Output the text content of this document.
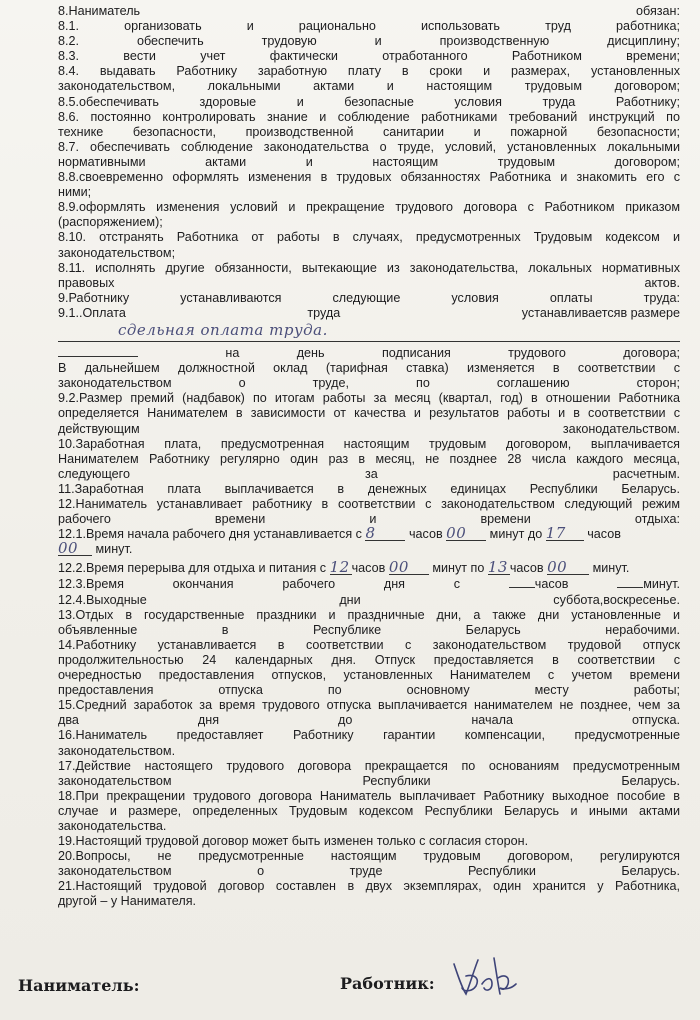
8.Наниматель	обязан:

8.1. организовать и рационально использовать труд работника;

8.2. обеспечить трудовую и производственную дисциплину;

8.3. вести учет фактически отработанного Работником времени;

8.4. выдавать Работнику заработную плату в сроки и размерах, установленных

законодательством, локальными актами и настоящим трудовым договором;

8.5.обеспечивать здоровые и безопасные условия труда Работнику;

8.6. постоянно контролировать знание и соблюдение работниками требований инструкций по

технике безопасности, производственной санитарии и пожарной безопасности;

8.7. обеспечивать соблюдение законодательства о труде, условий, установленных локальными

нормативными актами и настоящим трудовым договором;

8.8.своевременно оформлять изменения в трудовых обязанностях Работника и знакомить его с

ними;

8.9.оформлять изменения условий и прекращение трудового договора с Работником приказом

(распоряжением);

8.10. отстранять Работника от работы в случаях, предусмотренных Трудовым кодексом и

законодательством;

8.11. исполнять другие обязанности, вытекающие из законодательства, локальных нормативных

актов.

правовых

9.Работнику устанавливаются следующие условия оплаты труда:

9.1..Оплата труда устанавливается в размере

сдельная оплата труда.

на день подписания трудового договора;

В дальнейшем должностной оклад (тарифная ставка) изменяется в соответствии с

законодательством о труде, по соглашению сторон;

9.2.Размер премий (надбавок) по итогам работы за месяц (квартал, год) в отношении Работника

определяется Нанимателем в зависимости от качества и результатов работы и в соответствии с

действующим законодательством.

10.Заработная плата, предусмотренная настоящим трудовым договором, выплачивается

Нанимателем Работнику регулярно один раз в месяц, не позднее 28 числа каждого месяца,

следующего за расчетным.

11.Заработная плата выплачивается в денежных единицах Республики Беларусь.

12.Наниматель устанавливает работнику в соответствии с законодательством следующий режим

рабочего времени и времени отдыха:

12.1.Время начала рабочего дня устанавливается с 8	часов 00 минут до 17 часов

00 минут.

12.2.Время перерыва для отдыха и питания с 12 часов 00 минут по 13 часов 00 минут.

12.3.Время окончания рабочего дня с	часов	минут.

12.4.Выходные дни суббота, воскресенье.

13.Отдых в государственные праздники и праздничные дни, а также дни установленные и

объявленные в Республике Беларусь нерабочими.

14.Работнику устанавливается в соответствии с законодательством трудовой отпуск

продолжительностью 24 календарных дня. Отпуск предоставляется в соответствии с

очередностью предоставления отпусков, установленных Нанимателем с учетом времени

предоставления отпуска по основному месту работы;

15.Средний заработок за время трудового отпуска выплачивается нанимателем не позднее, чем за

два дня до начала отпуска.

16.Наниматель предоставляет Работнику гарантии компенсации, предусмотренные

законодательством.

17.Действие настоящего трудового договора прекращается по основаниям предусмотренным

законодательством Республики Беларусь.

18.При прекращении трудового договора Наниматель выплачивает Работнику выходное пособие в

случае и размере, определенных Трудовым кодексом Республики Беларусь и иными актами

законодательства.

19.Настоящий трудовой договор может быть изменен только с согласия сторон.

20.Вопросы, не предусмотренные настоящим трудовым договором, регулируются

законодательством о труде Республики Беларусь.

21.Настоящий трудовой договор составлен в двух экземплярах, один хранится у Работника,

другой – у Нанимателя.

Наниматель:	Работник:
